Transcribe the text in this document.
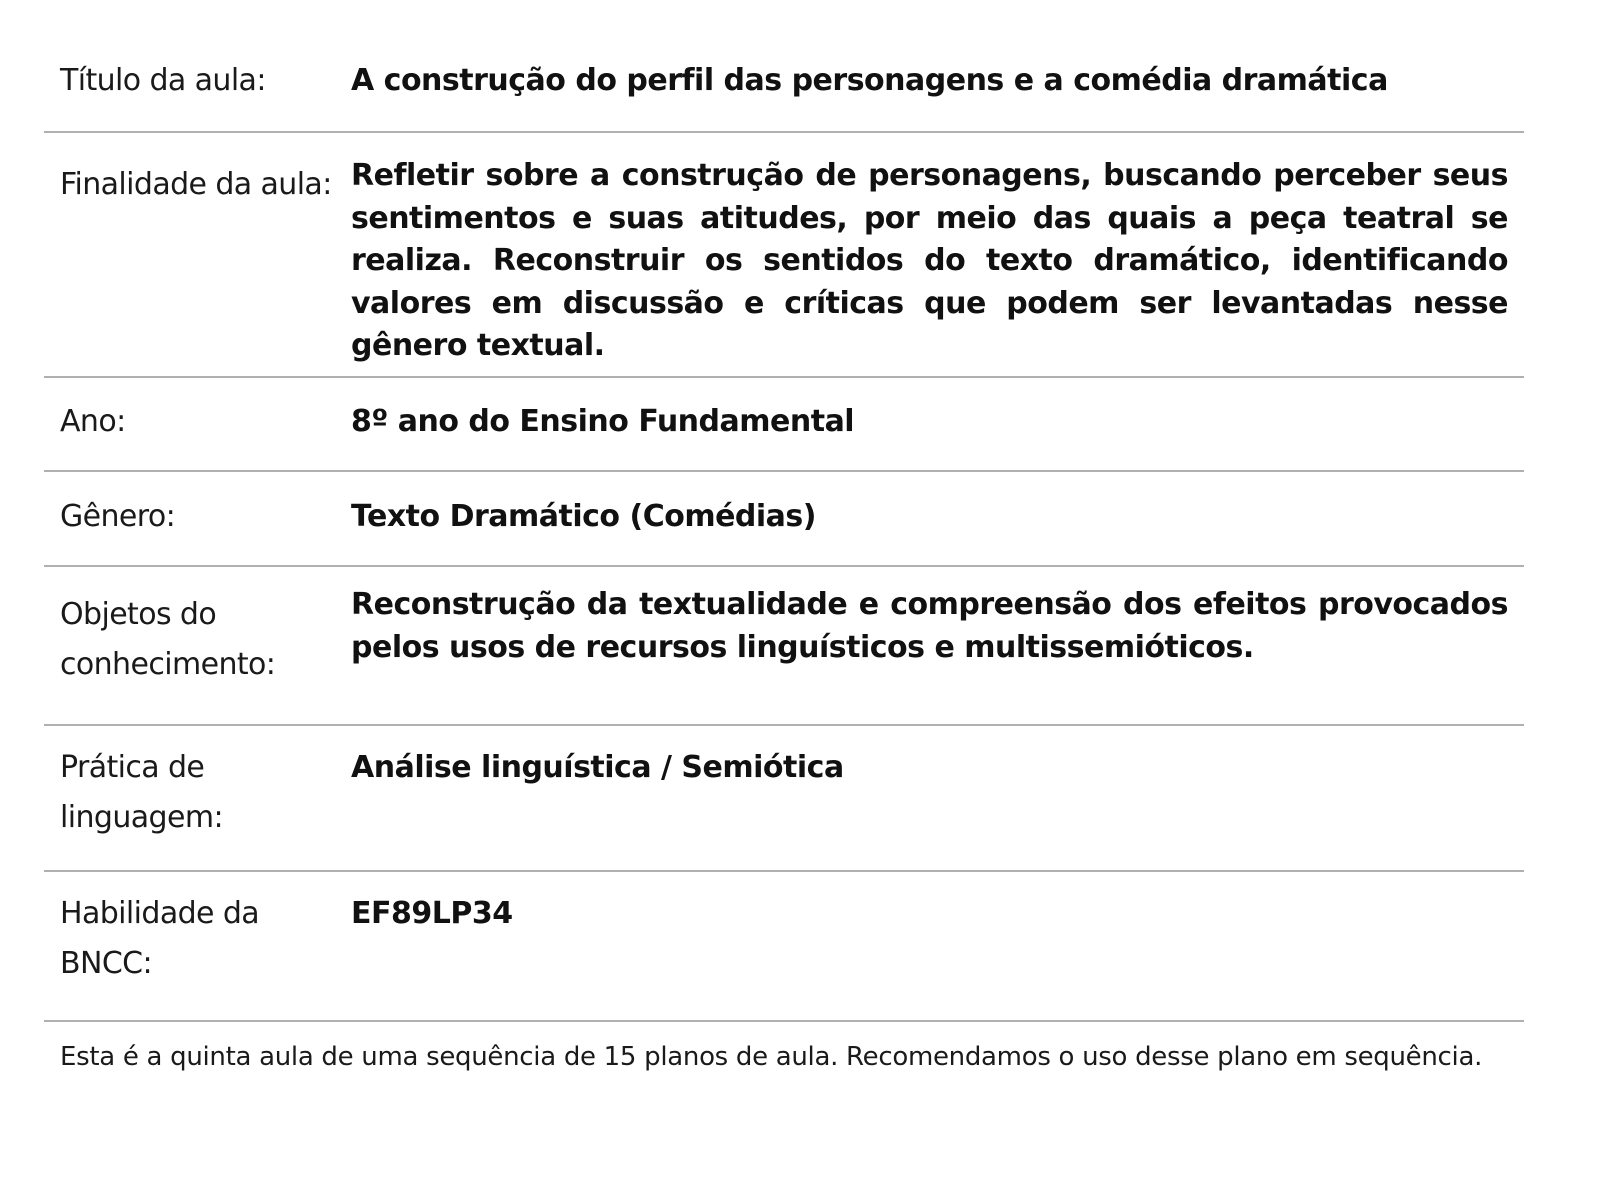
Título da aula:	A construção do perfil das personagens e a comédia dramática
Finalidade da aula: Refletir sobre a construção de personagens, buscando perceber seus sentimentos e suas atitudes, por meio das quais a peça teatral se realiza. Reconstruir os sentidos do texto dramático, identificando valores em discussão e críticas que podem ser levantadas nesse gênero textual.
Ano:	8º ano do Ensino Fundamental
Gênero:	Texto Dramático (Comédias)
Objetos do conhecimento:
Reconstrução da textualidade e compreensão dos efeitos provocados pelos usos de recursos linguísticos e multissemióticos.
Prática de linguagem:
Análise linguística / Semiótica
Habilidade da BNCC:
EF89LP34
Esta é a quinta aula de uma sequência de 15 planos de aula. Recomendamos o uso desse plano em sequência.
